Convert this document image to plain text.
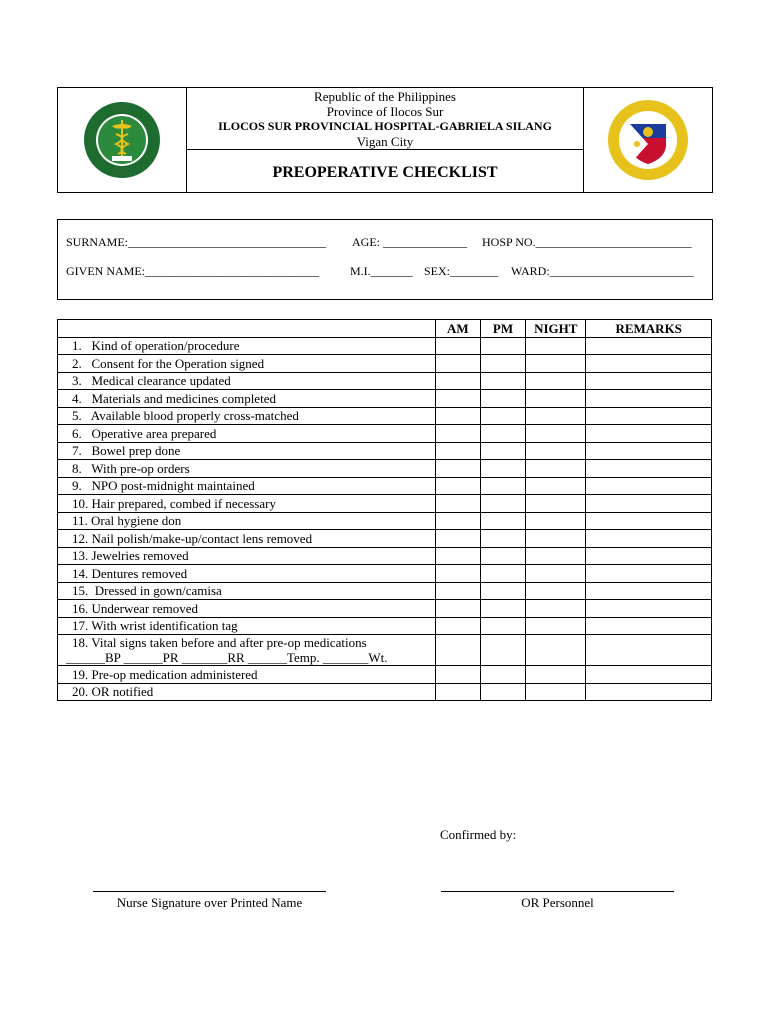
Republic of the Philippines
Province of Ilocos Sur
ILOCOS SUR PROVINCIAL HOSPITAL-GABRIELA SILANG
Vigan City
PREOPERATIVE CHECKLIST
SURNAME:_________________________________ AGE: ______________ HOSP NO.__________________________
GIVEN NAME:_____________________________	M.I._______ SEX:________ WARD:________________________
	AM	PM	NIGHT	REMARKS
1.   Kind of operation/procedure				
2.   Consent for the Operation signed				
3.   Medical clearance updated				
4.   Materials and medicines completed				
5.   Available blood properly cross-matched				
6.   Operative area prepared				
7.   Bowel prep done				
8.   With pre-op orders				
9.   NPO post-midnight maintained				
10. Hair prepared, combed if necessary				
11. Oral hygiene don				
12. Nail polish/make-up/contact lens removed				
13. Jewelries removed				
14. Dentures removed				
15.  Dressed in gown/camisa				
16. Underwear removed				
17. With wrist identification tag				

18. Vital signs taken before and after pre-op medications
______BP ______PR _______RR ______Temp. _______Wt.				

19. Pre-op medication administered				
20. OR notified				
Confirmed by:
Nurse Signature over Printed Name	OR Personnel
